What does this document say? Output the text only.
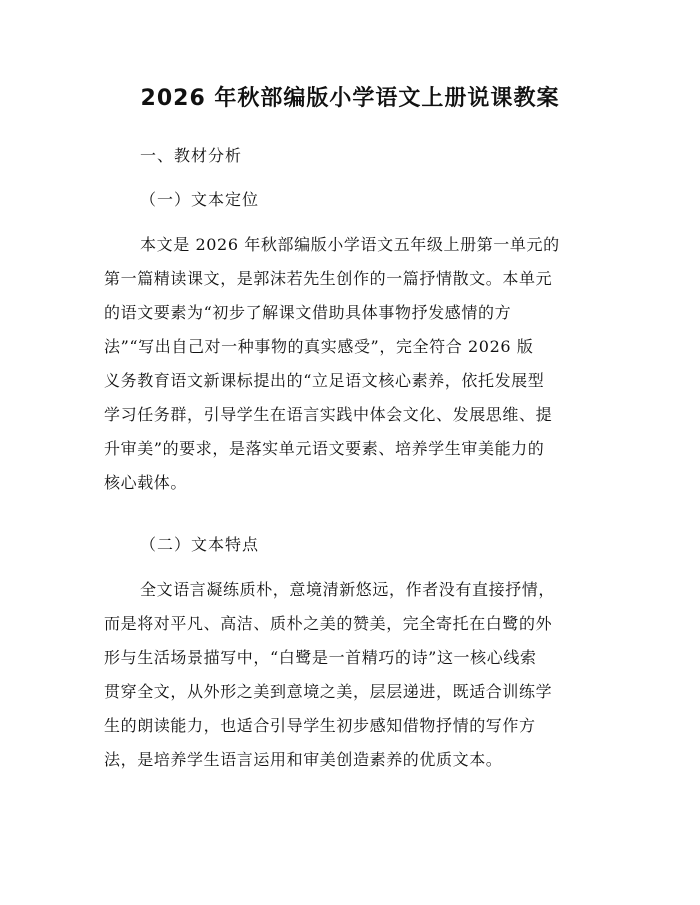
2026 年秋部编版小学语文上册说课教案
一、教材分析
（一）文本定位
本文是 2026 年秋部编版小学语文五年级上册第一单元的
第一篇精读课文，是郭沫若先生创作的一篇抒情散文。本单元
的语文要素为“初步了解课文借助具体事物抒发感情的方
法”“写出自己对一种事物的真实感受”，完全符合 2026 版
义务教育语文新课标提出的“立足语文核心素养，依托发展型
学习任务群，引导学生在语言实践中体会文化、发展思维、提
升审美”的要求，是落实单元语文要素、培养学生审美能力的
核心载体。
（二）文本特点
全文语言凝练质朴，意境清新悠远，作者没有直接抒情，
而是将对平凡、高洁、质朴之美的赞美，完全寄托在白鹭的外
形与生活场景描写中，“白鹭是一首精巧的诗”这一核心线索
贯穿全文，从外形之美到意境之美，层层递进，既适合训练学
生的朗读能力，也适合引导学生初步感知借物抒情的写作方
法，是培养学生语言运用和审美创造素养的优质文本。
